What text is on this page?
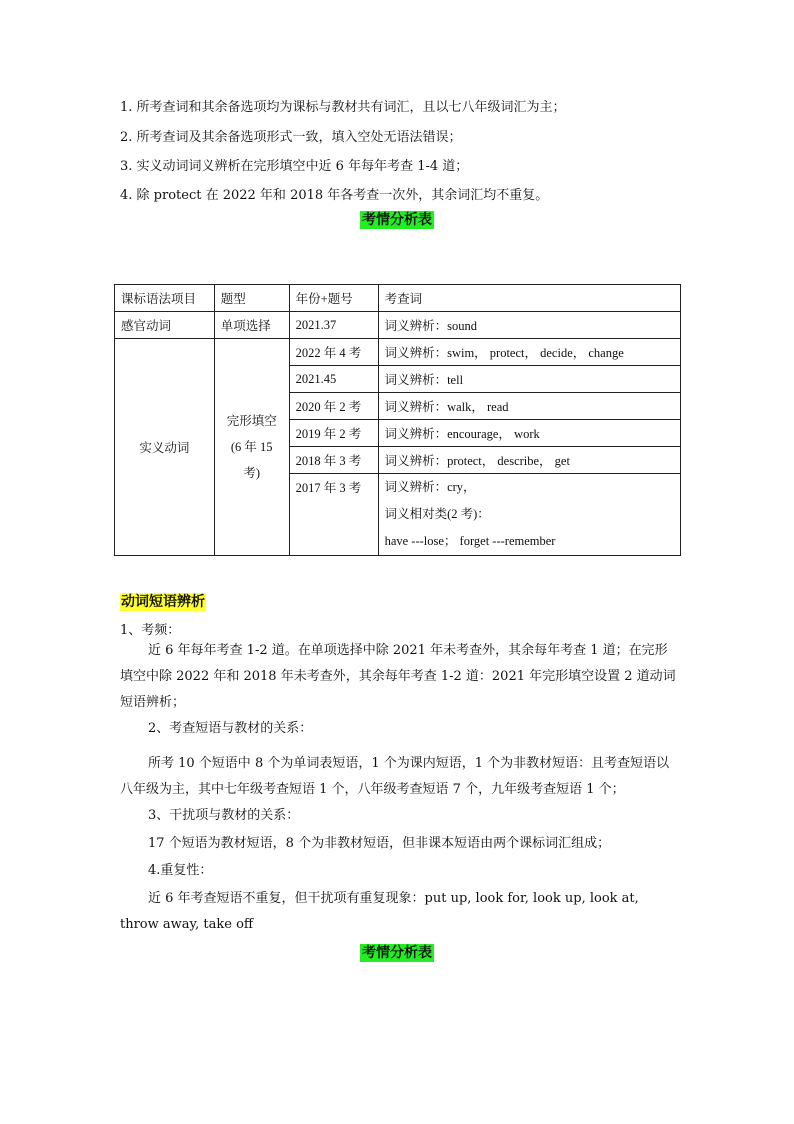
1. 所考查词和其余备选项均为课标与教材共有词汇，且以七八年级词汇为主；
2. 所考查词及其余备选项形式一致，填入空处无语法错误；
3. 实义动词词义辨析在完形填空中近 6 年每年考查 1-4 道；
4. 除 protect 在 2022 年和 2018 年各考查一次外，其余词汇均不重复。
考情分析表
课标语法项目	题型	年份+题号	考查词
感官动词	单项选择	2021.37	词义辨析：sound
实义动词	完形填空
(6 年 15
考)	2022 年 4 考	词义辨析：swim， protect， decide， change
		2021.45	词义辨析：tell
		2020 年 2 考	词义辨析：walk， read
		2019 年 2 考	词义辨析：encourage， work
		2018 年 3 考	词义辨析：protect， describe， get
		2017 年 3 考	词义辨析：cry，
词义相对类(2 考)：
have ---lose； forget ---remember
动词短语辨析
1、考频：
近 6 年每年考查 1-2 道。在单项选择中除 2021 年未考查外，其余每年考查 1 道；在完形填空中除 2022 年和 2018 年未考查外，其余每年考查 1-2 道：2021 年完形填空设置 2 道动词短语辨析；
2、考查短语与教材的关系：
所考 10 个短语中 8 个为单词表短语，1 个为课内短语，1 个为非教材短语：且考查短语以八年级为主，其中七年级考查短语 1 个，八年级考查短语 7 个，九年级考查短语 1 个；
3、干扰项与教材的关系：
17 个短语为教材短语，8 个为非教材短语，但非课本短语由两个课标词汇组成；
4.重复性：
近 6 年考查短语不重复，但干扰项有重复现象：put up, look for, look up, look at, throw away, take off
考情分析表
